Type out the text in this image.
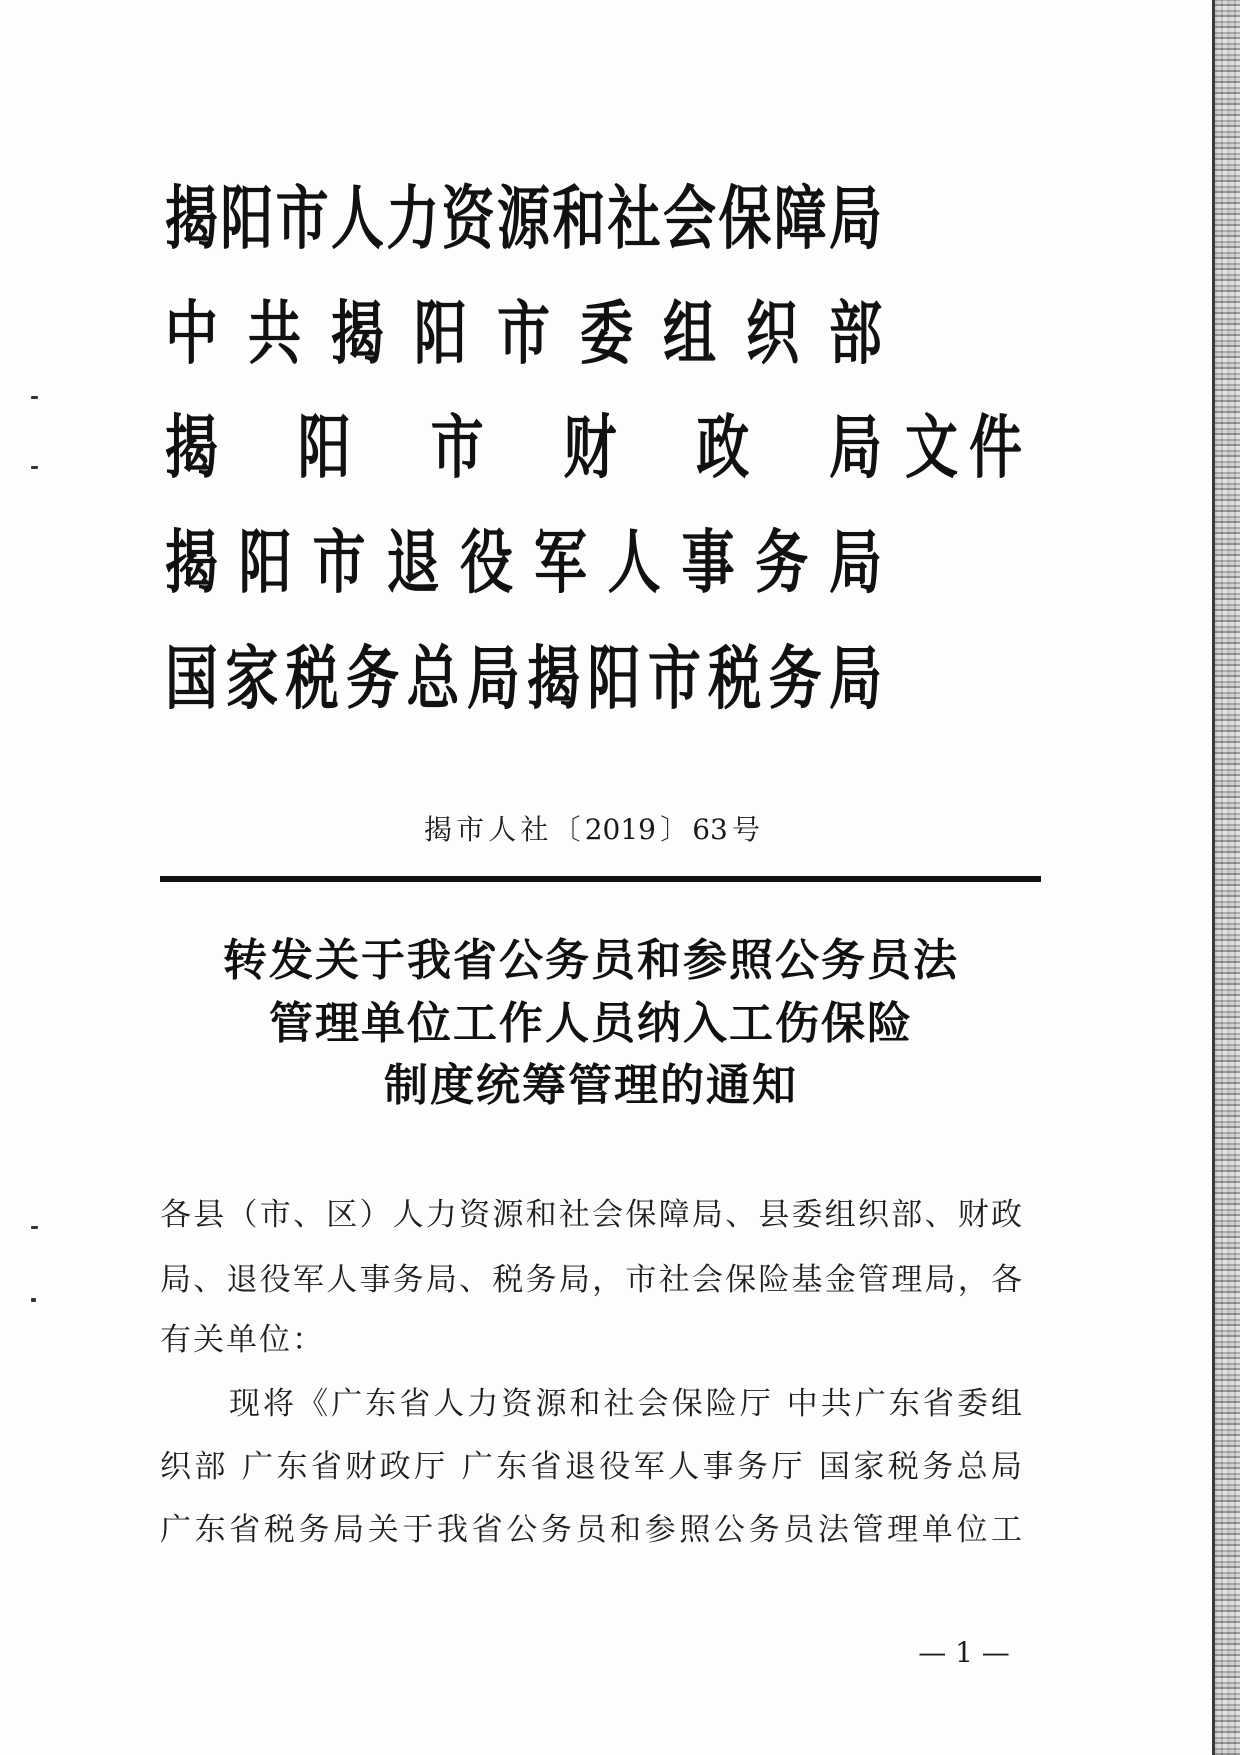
揭阳市人力资源和社会保障局
中共揭阳市委组织部
揭阳市财政局 文件
揭阳市退役军人事务局
国家税务总局揭阳市税务局
揭市人社〔2019〕63号
转发关于我省公务员和参照公务员法
管理单位工作人员纳入工伤保险
制度统筹管理的通知
各县（市、区）人力资源和社会保障局、县委组织部、财政
局、退役军人事务局、税务局，市社会保险基金管理局，各
有关单位：
现将《广东省人力资源和社会保险厅 中共广东省委组
织部 广东省财政厅 广东省退役军人事务厅 国家税务总局
广东省税务局关于我省公务员和参照公务员法管理单位工
— 1 —
